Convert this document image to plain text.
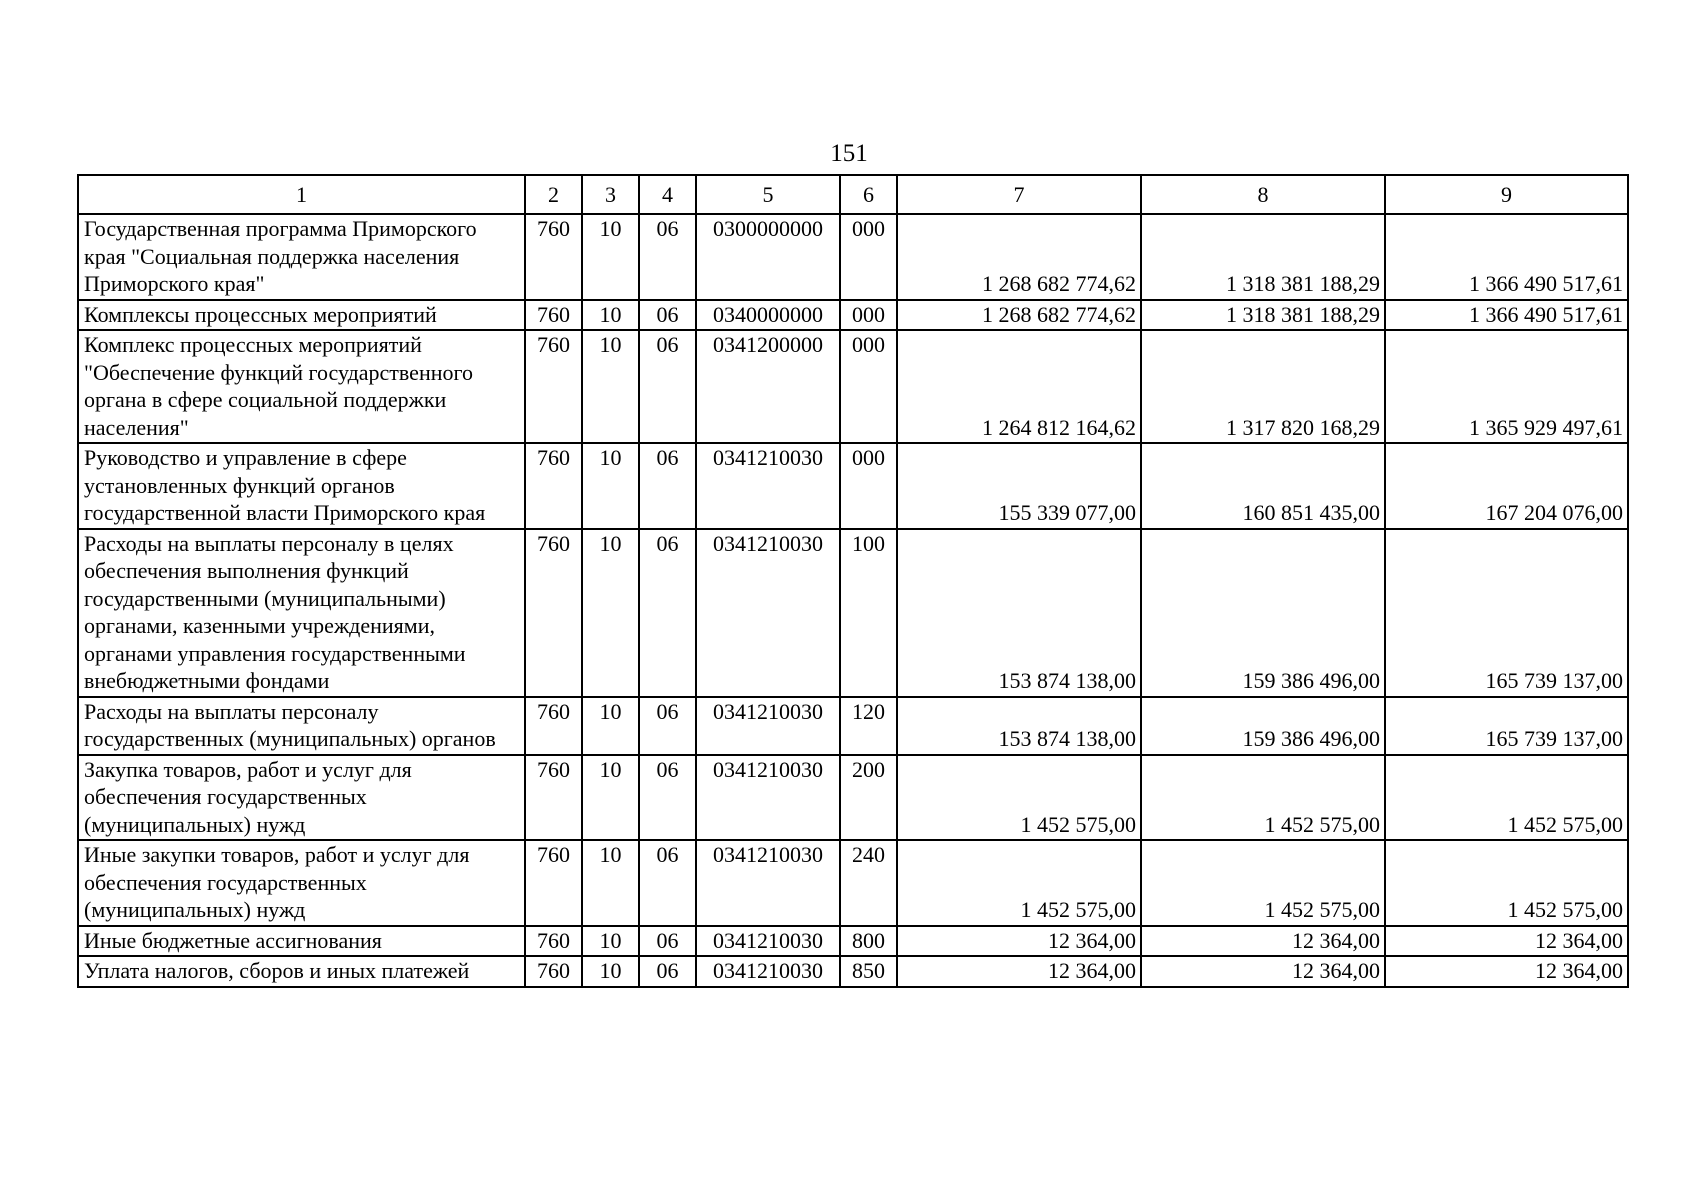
151
1	2	3	4	5	6	7	8	9
Государственная программа Приморского края "Социальная поддержка населения Приморского края"	760	10	06	0300000000	000	1 268 682 774,62	1 318 381 188,29	1 366 490 517,61
Комплексы процессных мероприятий	760	10	06	0340000000	000	1 268 682 774,62	1 318 381 188,29	1 366 490 517,61
Комплекс процессных мероприятий "Обеспечение функций государственного органа в сфере социальной поддержки населения"	760	10	06	0341200000	000	1 264 812 164,62	1 317 820 168,29	1 365 929 497,61
Руководство и управление в сфере установленных функций органов государственной власти Приморского края	760	10	06	0341210030	000	155 339 077,00	160 851 435,00	167 204 076,00
Расходы на выплаты персоналу в целях обеспечения выполнения функций государственными (муниципальными) органами, казенными учреждениями, органами управления государственными внебюджетными фондами	760	10	06	0341210030	100	153 874 138,00	159 386 496,00	165 739 137,00
Расходы на выплаты персоналу государственных (муниципальных) органов	760	10	06	0341210030	120	153 874 138,00	159 386 496,00	165 739 137,00
Закупка товаров, работ и услуг для обеспечения государственных (муниципальных) нужд	760	10	06	0341210030	200	1 452 575,00	1 452 575,00	1 452 575,00
Иные закупки товаров, работ и услуг для обеспечения государственных (муниципальных) нужд	760	10	06	0341210030	240	1 452 575,00	1 452 575,00	1 452 575,00
Иные бюджетные ассигнования	760	10	06	0341210030	800	12 364,00	12 364,00	12 364,00
Уплата налогов, сборов и иных платежей	760	10	06	0341210030	850	12 364,00	12 364,00	12 364,00
